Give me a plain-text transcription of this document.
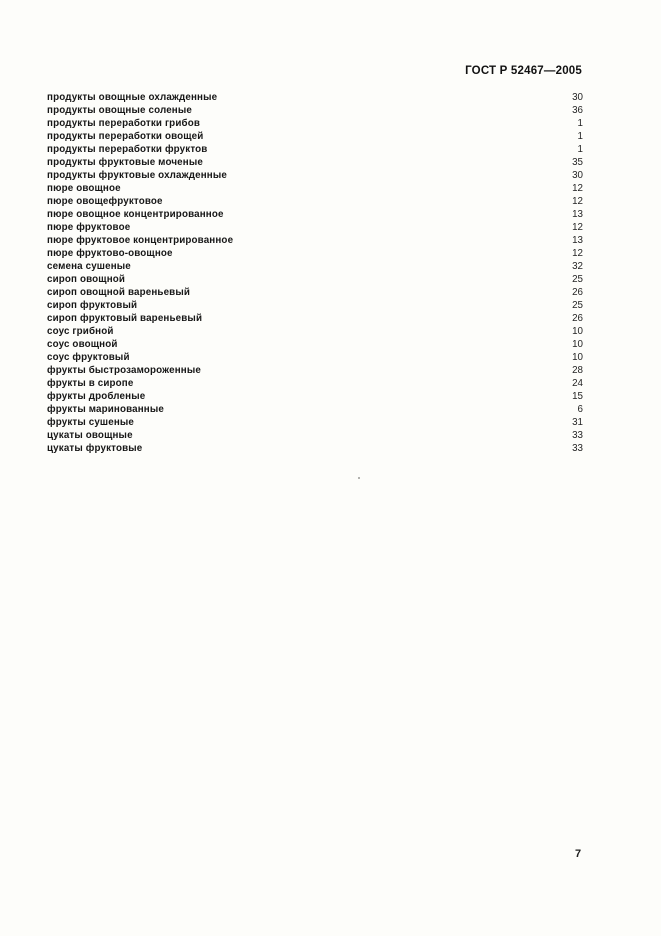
ГОСТ Р 52467—2005
продукты овощные охлажденные	30
продукты овощные соленые	36
продукты переработки грибов	1
продукты переработки овощей	1
продукты переработки фруктов	1
продукты фруктовые моченые	35
продукты фруктовые охлажденные	30
пюре овощное	12
пюре овощефруктовое	12
пюре овощное концентрированное	13
пюре фруктовое	12
пюре фруктовое концентрированное	13
пюре фруктово-овощное	12
семена сушеные	32
сироп овощной	25
сироп овощной вареньевый	26
сироп фруктовый	25
сироп фруктовый вареньевый	26
соус грибной	10
соус овощной	10
соус фруктовый	10
фрукты быстрозамороженные	28
фрукты в сиропе	24
фрукты дробленые	15
фрукты маринованные	6
фрукты сушеные	31
цукаты овощные	33
цукаты фруктовые	33
7
